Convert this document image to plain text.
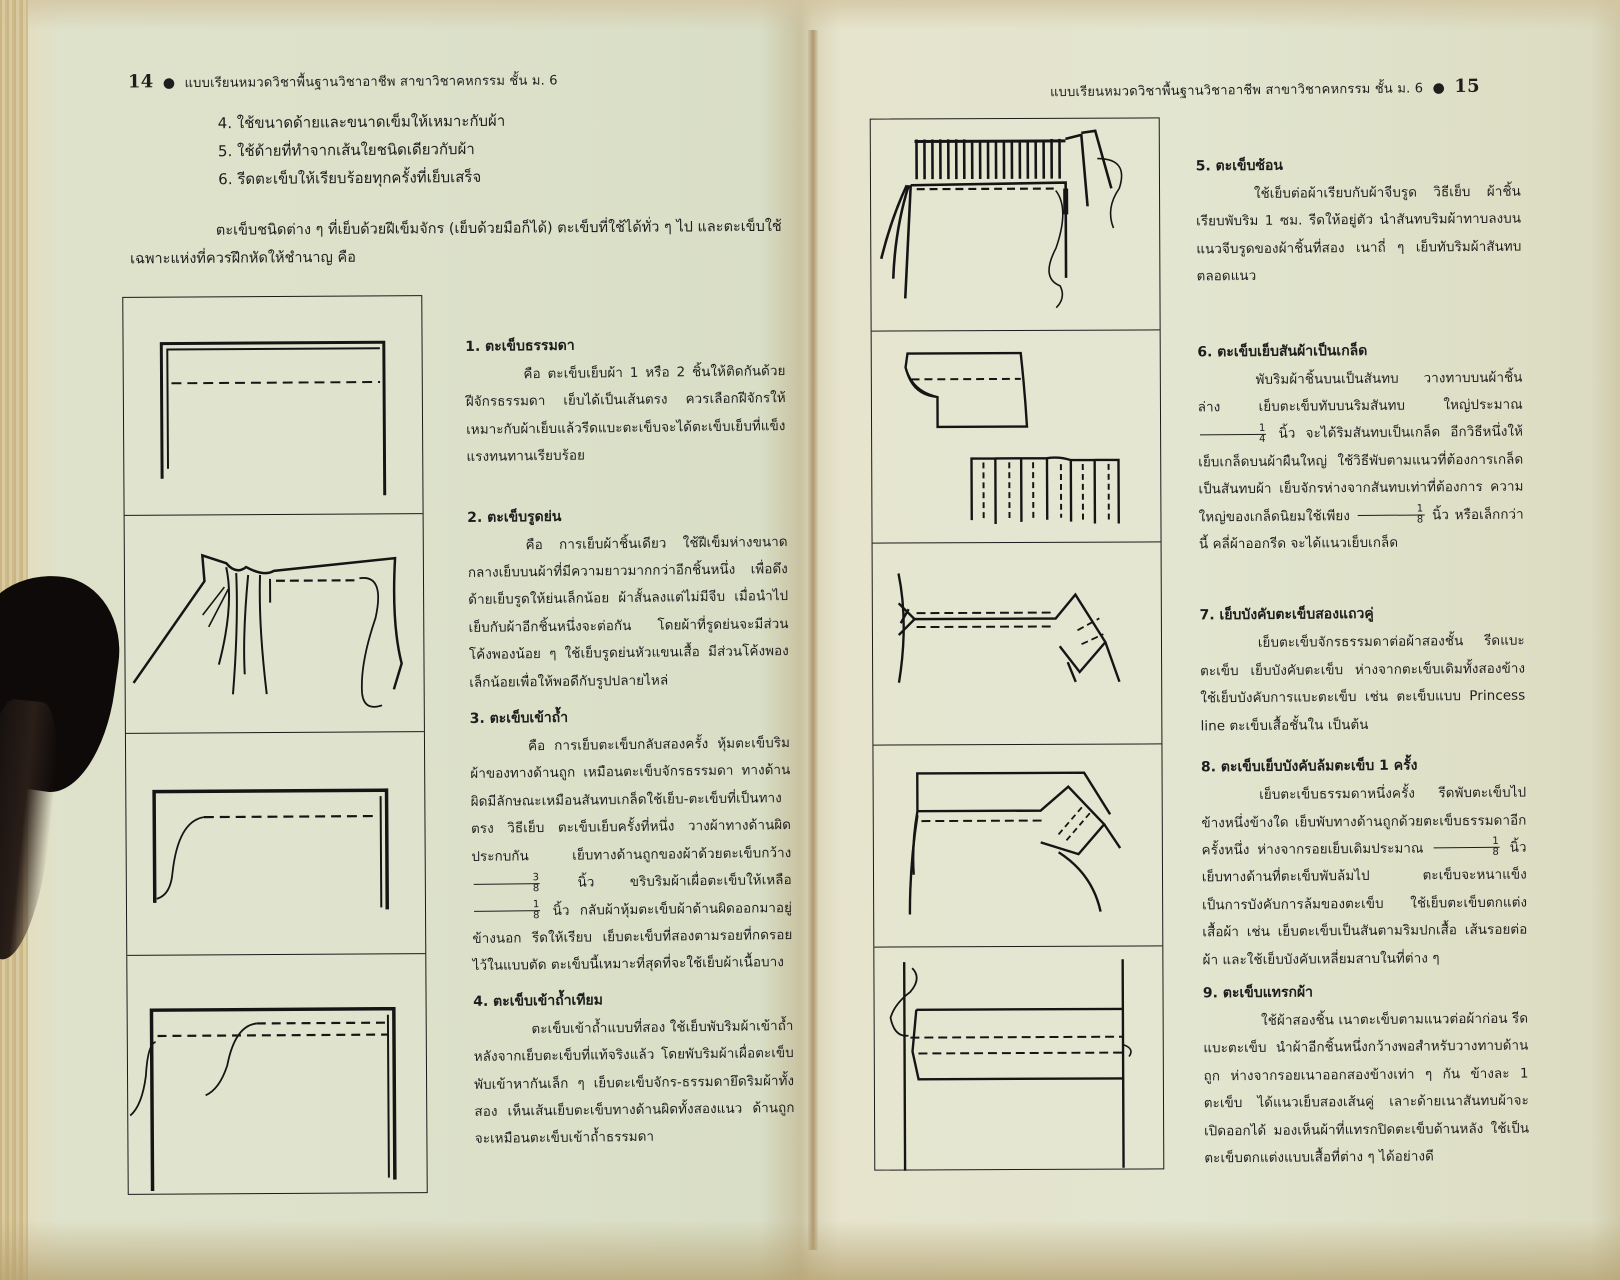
14 ● แบบเรียนหมวดวิชาพื้นฐานวิชาอาชีพ สาขาวิชาคหกรรม ชั้น ม. 6
4. ใช้ขนาดด้ายและขนาดเข็มให้เหมาะกับผ้า
5. ใช้ด้ายที่ทำจากเส้นใยชนิดเดียวกับผ้า
6. รีดตะเข็บให้เรียบร้อยทุกครั้งที่เย็บเสร็จ

ตะเข็บชนิดต่าง ๆ ที่เย็บด้วยฝีเข็มจักร (เย็บด้วยมือก็ได้) ตะเข็บที่ใช้ได้ทั่ว ๆ ไป และตะเข็บใช้เฉพาะแห่งที่ควรฝึกหัดให้ชำนาญ คือ

1. ตะเข็บธรรมดา

คือ ตะเข็บเย็บผ้า 1 หรือ 2 ชิ้นให้ติดกันด้วยฝีจักรธรรมดา เย็บได้เป็นเส้นตรง ควรเลือกฝีจักรให้เหมาะกับผ้าเย็บแล้วรีดแบะตะเข็บจะได้ตะเข็บเย็บที่แข็งแรงทนทานเรียบร้อย

2. ตะเข็บรูดย่น

คือ การเย็บผ้าชิ้นเดียว ใช้ฝีเข็มห่างขนาดกลางเย็บบนผ้าที่มีความยาวมากกว่าอีกชิ้นหนึ่ง เพื่อดึงด้ายเย็บรูดให้ย่นเล็กน้อย ผ้าสั้นลงแต่ไม่มีจีบ เมื่อนำไปเย็บกับผ้าอีกชิ้นหนึ่งจะต่อกัน โดยผ้าที่รูดย่นจะมีส่วนโค้งพองน้อย ๆ ใช้เย็บรูดย่นหัวแขนเสื้อ มีส่วนโค้งพองเล็กน้อยเพื่อให้พอดีกับรูปปลายไหล่

3. ตะเข็บเข้าถ้ำ

คือ การเย็บตะเข็บกลับสองครั้ง หุ้มตะเข็บริมผ้าของทางด้านถูก เหมือนตะเข็บจักรธรรมดา ทางด้านผิดมีลักษณะเหมือนสันทบเกล็ดใช้เย็บ-ตะเข็บที่เป็นทางตรง วิธีเย็บ ตะเข็บเย็บครั้งที่หนึ่ง วางผ้าทางด้านผิดประกบกัน เย็บทางด้านถูกของผ้าด้วยตะเข็บกว้าง
$\frac{3}{8}$	นิ้ว ขริบริมผ้าเผื่อตะเข็บให้เหลือ
$\frac{1}{8}$ นิ้ว กลับผ้าหุ้มตะเข็บผ้าด้านผิดออกมาอยู่ข้างนอก รีดให้เรียบ เย็บตะเข็บที่สองตามรอยที่กดรอยไว้ในแบบตัด ตะเข็บนี้เหมาะที่สุดที่จะใช้เย็บผ้าเนื้อบาง

4. ตะเข็บเข้าถ้ำเทียม

ตะเข็บเข้าถ้ำแบบที่สอง ใช้เย็บพับริมผ้าเข้าถ้ำหลังจากเย็บตะเข็บที่แท้จริงแล้ว โดยพับริมผ้าเผื่อตะเข็บพับเข้าหากันเล็ก ๆ เย็บตะเข็บจักร-ธรรมดายึดริมผ้าทั้งสอง เห็นเส้นเย็บตะเข็บทางด้านผิดทั้งสองแนว ด้านถูกจะเหมือนตะเข็บเข้าถ้ำธรรมดา

แบบเรียนหมวดวิชาพื้นฐานวิชาอาชีพ สาขาวิชาคหกรรม ชั้น ม. 6 ● 15
5. ตะเข็บซ้อน

ใช้เย็บต่อผ้าเรียบกับผ้าจีบรูด วิธีเย็บ ผ้าชิ้นเรียบพับริม 1 ซม. รีดให้อยู่ตัว นำสันทบริมผ้าทาบลงบนแนวจีบรูดของผ้าชิ้นที่สอง เนาถี่ ๆ เย็บทับริมผ้าสันทบตลอดแนว

6. ตะเข็บเย็บสันผ้าเป็นเกล็ด

พับริมผ้าชิ้นบนเป็นสันทบ วางทาบบนผ้าชิ้นล่าง เย็บตะเข็บทับบนริมสันทบ ใหญ่ประมาณ
$\frac{1}{4}$ นิ้ว จะได้ริมสันทบเป็นเกล็ด อีกวิธีหนึ่งให้เย็บเกล็ดบนผ้าผืนใหญ่ ใช้วิธีพับตามแนวที่ต้องการเกล็ดเป็นสันทบผ้า เย็บจักรห่างจากสันทบเท่าที่ต้องการ ความใหญ่ของเกล็ดนิยมใช้เพียง $\frac{1}{8}$ นิ้ว หรือเล็กกว่านี้ คลี่ผ้าออกรีด จะได้แนวเย็บเกล็ด

7. เย็บบังคับตะเข็บสองแถวคู่

เย็บตะเข็บจักรธรรมดาต่อผ้าสองชั้น รีดแบะตะเข็บ เย็บบังคับตะเข็บ ห่างจากตะเข็บเดิมทั้งสองข้าง ใช้เย็บบังคับการแบะตะเข็บ เช่น ตะเข็บแบบ Princess line ตะเข็บเสื้อชั้นใน เป็นต้น

8. ตะเข็บเย็บบังคับล้มตะเข็บ 1 ครั้ง

เย็บตะเข็บธรรมดาหนึ่งครั้ง รีดพับตะเข็บไปข้างหนึ่งข้างใด เย็บพับทางด้านถูกด้วยตะเข็บธรรมดาอีกครั้งหนึ่ง ห่างจากรอยเย็บเดิมประมาณ $\frac{1}{8}$ นิ้ว เย็บทางด้านที่ตะเข็บพับล้มไป ตะเข็บจะหนาแข็ง เป็นการบังคับการล้มของตะเข็บ ใช้เย็บตะเข็บตกแต่งเสื้อผ้า เช่น เย็บตะเข็บเป็นสันตามริมปกเสื้อ เส้นรอยต่อผ้า และใช้เย็บบังคับเหลี่ยมสาบในที่ต่าง ๆ

9. ตะเข็บแทรกผ้า

ใช้ผ้าสองชิ้น เนาตะเข็บตามแนวต่อผ้าก่อน รีดแบะตะเข็บ นำผ้าอีกชิ้นหนึ่งกว้างพอสำหรับวางทาบด้านถูก ห่างจากรอยเนาออกสองข้างเท่า ๆ กัน ข้างละ 1 ตะเข็บ ได้แนวเย็บสองเส้นคู่ เลาะด้ายเนาสันทบผ้าจะเปิดออกได้ มองเห็นผ้าที่แทรกปิดตะเข็บด้านหลัง ใช้เป็นตะเข็บตกแต่งแบบเสื้อที่ต่าง ๆ ได้อย่างดี
